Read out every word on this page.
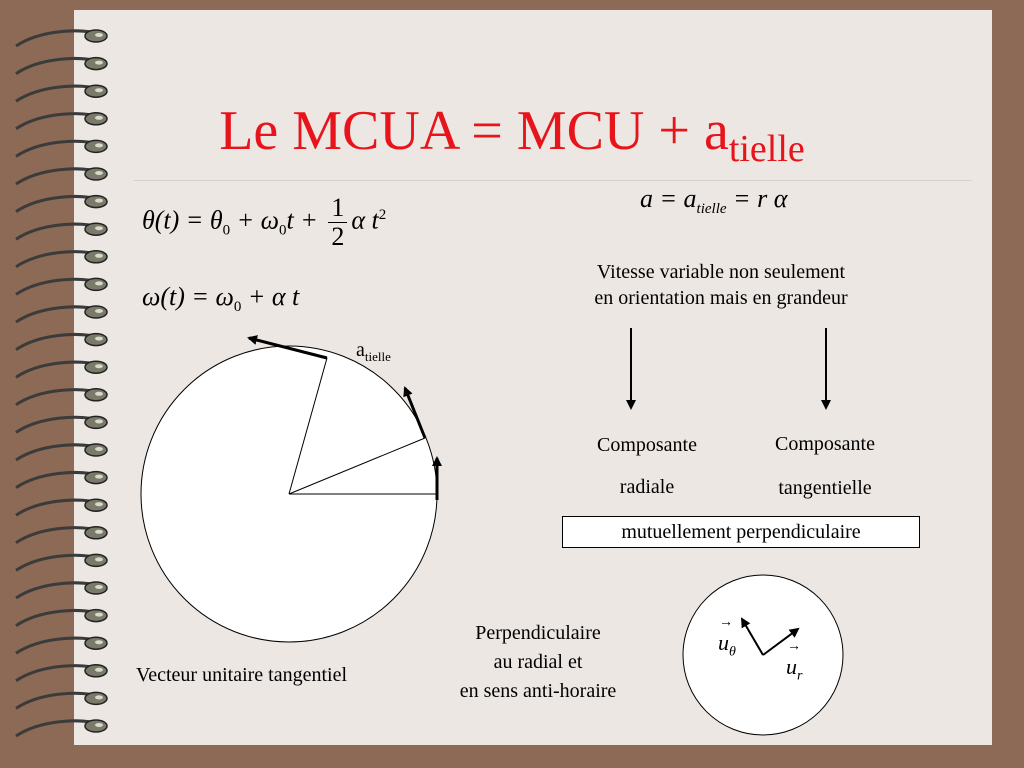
Le MCUA = MCU + $a_{tielle}$
$\theta(t) = \theta_0 + \omega_0t + \frac{1}{2}$ α $t^2$
$\omega(t) = \omega_0 + \alpha$ t
$a = a_{tielle} = r$ α
$a_{tielle}$
Vecteur unitaire tangentiel
Vitesse variable non seulement
en orientation mais en grandeur
Composante
radiale
Composante
tangentielle
mutuellement perpendiculaire
Perpendiculaire
au radial et
en sens anti-horaire
→
$u_\theta$	→
$u_r$
